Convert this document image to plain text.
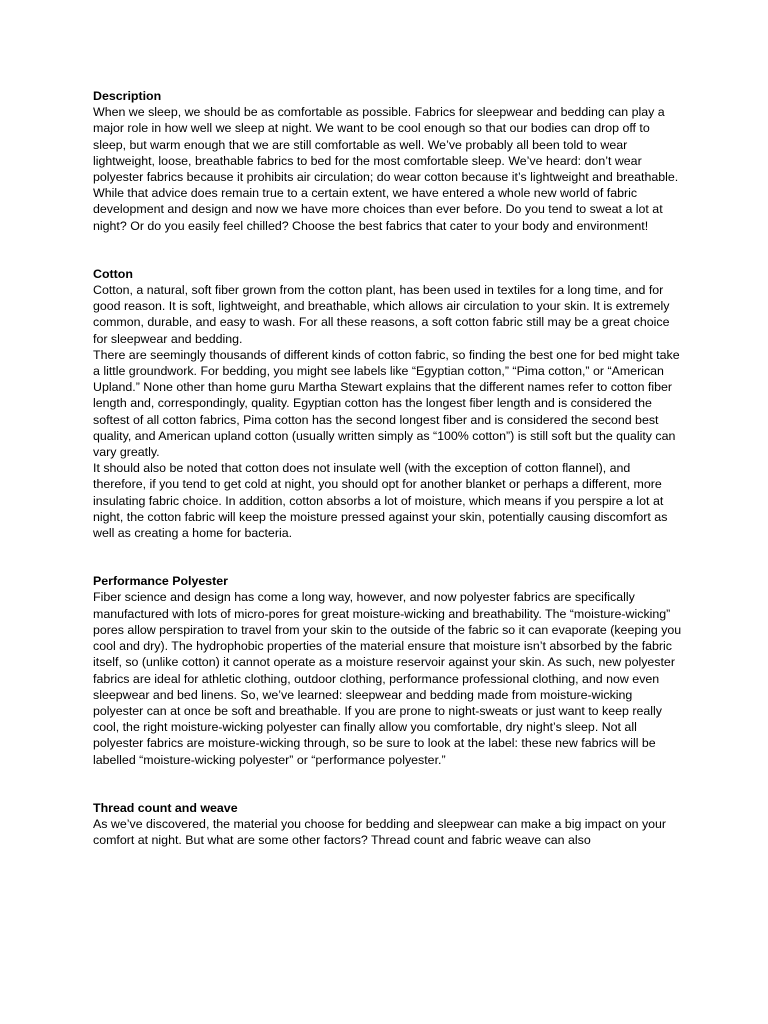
Description

When we sleep, we should be as comfortable as possible. Fabrics for sleepwear and bedding can play a major role in how well we sleep at night. We want to be cool enough so that our bodies can drop off to sleep, but warm enough that we are still comfortable as well. We’ve probably all been told to wear lightweight, loose, breathable fabrics to bed for the most comfortable sleep. We’ve heard: don’t wear polyester fabrics because it prohibits air circulation; do wear cotton because it’s lightweight and breathable.

While that advice does remain true to a certain extent, we have entered a whole new world of fabric development and design and now we have more choices than ever before. Do you tend to sweat a lot at night? Or do you easily feel chilled? Choose the best fabrics that cater to your body and environment!

Cotton

Cotton, a natural, soft fiber grown from the cotton plant, has been used in textiles for a long time, and for good reason. It is soft, lightweight, and breathable, which allows air circulation to your skin. It is extremely common, durable, and easy to wash. For all these reasons, a soft cotton fabric still may be a great choice for sleepwear and bedding.

There are seemingly thousands of different kinds of cotton fabric, so finding the best one for bed might take a little groundwork. For bedding, you might see labels like “Egyptian cotton,” “Pima cotton,” or “American Upland.” None other than home guru Martha Stewart explains that the different names refer to cotton fiber length and, correspondingly, quality. Egyptian cotton has the longest fiber length and is considered the softest of all cotton fabrics, Pima cotton has the second longest fiber and is considered the second best quality, and American upland cotton (usually written simply as “100% cotton”) is still soft but the quality can vary greatly.

It should also be noted that cotton does not insulate well (with the exception of cotton flannel), and therefore, if you tend to get cold at night, you should opt for another blanket or perhaps a different, more insulating fabric choice. In addition, cotton absorbs a lot of moisture, which means if you perspire a lot at night, the cotton fabric will keep the moisture pressed against your skin, potentially causing discomfort as well as creating a home for bacteria.

Performance Polyester

Fiber science and design has come a long way, however, and now polyester fabrics are specifically manufactured with lots of micro-pores for great moisture-wicking and breathability. The “moisture-wicking” pores allow perspiration to travel from your skin to the outside of the fabric so it can evaporate (keeping you cool and dry). The hydrophobic properties of the material ensure that moisture isn’t absorbed by the fabric itself, so (unlike cotton) it cannot operate as a moisture reservoir against your skin. As such, new polyester fabrics are ideal for athletic clothing, outdoor clothing, performance professional clothing, and now even sleepwear and bed linens. So, we’ve learned: sleepwear and bedding made from moisture-wicking polyester can at once be soft and breathable. If you are prone to night-sweats or just want to keep really cool, the right moisture-wicking polyester can finally allow you comfortable, dry night’s sleep. Not all polyester fabrics are moisture-wicking through, so be sure to look at the label: these new fabrics will be labelled “moisture-wicking polyester” or “performance polyester.”

Thread count and weave

As we’ve discovered, the material you choose for bedding and sleepwear can make a big impact on your comfort at night. But what are some other factors? Thread count and fabric weave can also
